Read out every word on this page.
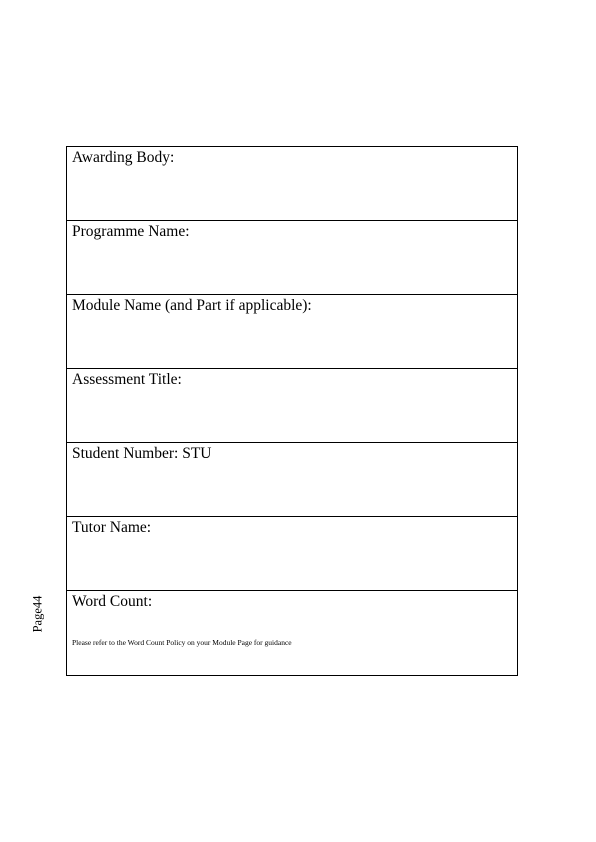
Page44
Awarding Body:

Programme Name:

Module Name (and Part if applicable):

Assessment Title:

Student Number: STU

Tutor Name:

Word Count:
Please refer to the Word Count Policy on your Module Page for guidance
